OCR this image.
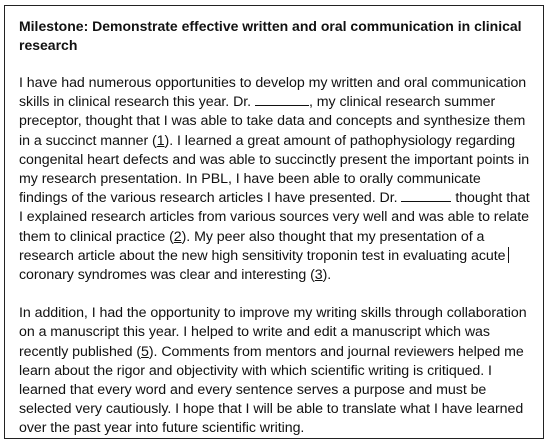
Milestone: Demonstrate effective written and oral communication in clinical research

I have had numerous opportunities to develop my written and oral communication skills in clinical research this year. Dr.	, my clinical research summer preceptor, thought that I was able to take data and concepts and synthesize them in a succinct manner (1). I learned a great amount of pathophysiology regarding congenital heart defects and was able to succinctly present the important points in my research presentation. In PBL, I have been able to orally communicate findings of the various research articles I have presented. Dr.	thought that I explained research articles from various sources very well and was able to relate them to clinical practice (2). My peer also thought that my presentation of a research article about the new high sensitivity troponin test in evaluating acute coronary syndromes was clear and interesting (3).

In addition, I had the opportunity to improve my writing skills through collaboration on a manuscript this year. I helped to write and edit a manuscript which was recently published (5). Comments from mentors and journal reviewers helped me learn about the rigor and objectivity with which scientific writing is critiqued. I learned that every word and every sentence serves a purpose and must be selected very cautiously. I hope that I will be able to translate what I have learned over the past year into future scientific writing.
